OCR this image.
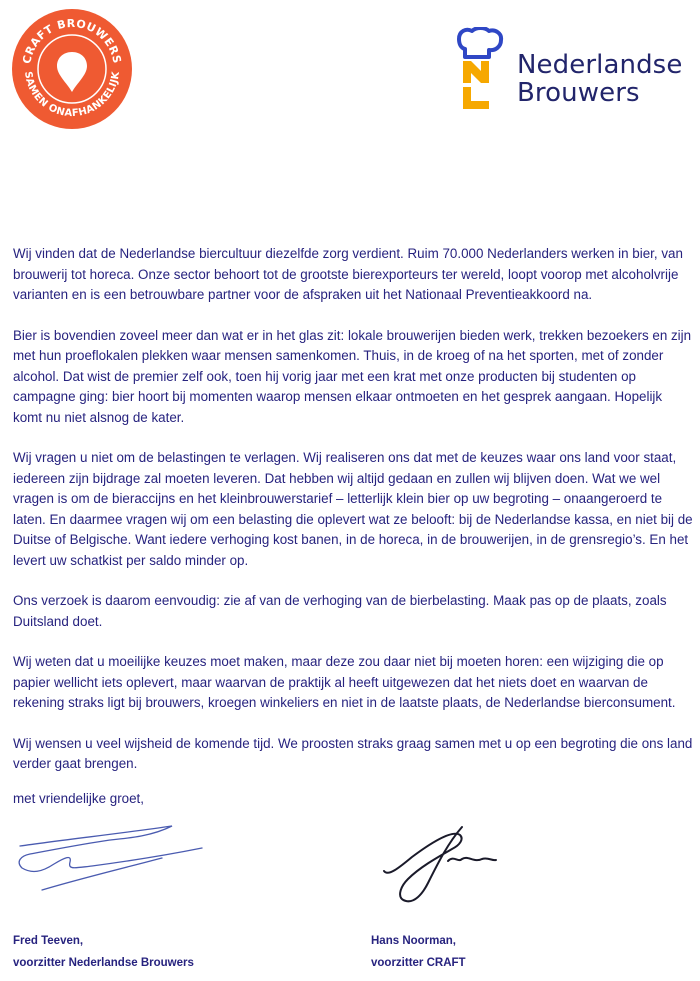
CRAFT BROUWERS
SAMEN ONAFHANKELIJK	Nederlandse
Brouwers

Wij vinden dat de Nederlandse biercultuur diezelfde zorg verdient. Ruim 70.000 Nederlanders werken in bier, van brouwerij tot horeca. Onze sector behoort tot de grootste bierexporteurs ter wereld, loopt voorop met alcoholvrije varianten en is een betrouwbare partner voor de afspraken uit het Nationaal Preventieakkoord na.

Bier is bovendien zoveel meer dan wat er in het glas zit: lokale brouwerijen bieden werk, trekken bezoekers en zijn met hun proeflokalen plekken waar mensen samenkomen. Thuis, in de kroeg of na het sporten, met of zonder alcohol. Dat wist de premier zelf ook, toen hij vorig jaar met een krat met onze producten bij studenten op campagne ging: bier hoort bij momenten waarop mensen elkaar ontmoeten en het gesprek aangaan. Hopelijk komt nu niet alsnog de kater.

Wij vragen u niet om de belastingen te verlagen. Wij realiseren ons dat met de keuzes waar ons land voor staat, iedereen zijn bijdrage zal moeten leveren. Dat hebben wij altijd gedaan en zullen wij blijven doen. Wat we wel vragen is om de bieraccijns en het kleinbrouwerstarief – letterlijk klein bier op uw begroting – onaangeroerd te laten. En daarmee vragen wij om een belasting die oplevert wat ze belooft: bij de Nederlandse kassa, en niet bij de Duitse of Belgische. Want iedere verhoging kost banen, in de horeca, in de brouwerijen, in de grensregio’s. En het levert uw schatkist per saldo minder op.

Ons verzoek is daarom eenvoudig: zie af van de verhoging van de bierbelasting. Maak pas op de plaats, zoals Duitsland doet.

Wij weten dat u moeilijke keuzes moet maken, maar deze zou daar niet bij moeten horen: een wijziging die op papier wellicht iets oplevert, maar waarvan de praktijk al heeft uitgewezen dat het niets doet en waarvan de rekening straks ligt bij brouwers, kroegen winkeliers en niet in de laatste plaats, de Nederlandse bierconsument.

Wij wensen u veel wijsheid de komende tijd. We proosten straks graag samen met u op een begroting die ons land verder gaat brengen.

met vriendelijke groet,

Fred Teeven,
voorzitter Nederlandse Brouwers
Hans Noorman,
voorzitter CRAFT
